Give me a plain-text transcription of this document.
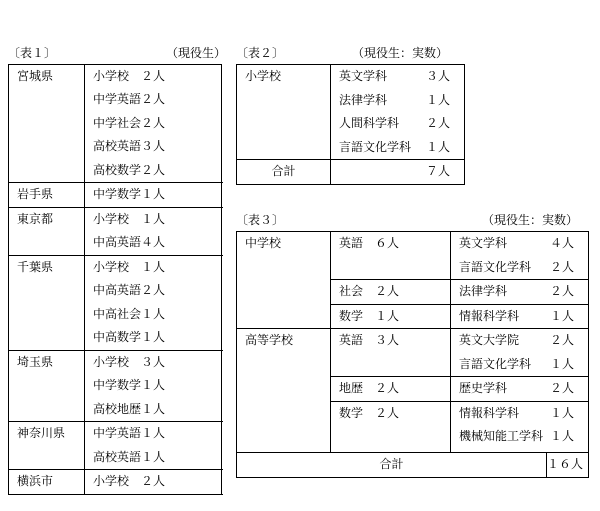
〔表１〕	（現役生）
宮城県	小学校　２人
	中学英語２人
	中学社会２人
	高校英語３人
	高校数学２人
岩手県	中学数学１人
東京都	小学校　１人
	中高英語４人
千葉県	小学校　１人
	中高英語２人
	中高社会１人
	中高数学１人
埼玉県	小学校　３人
	中学数学１人
	高校地歴１人
神奈川県	中学英語１人
	高校英語１人
横浜市	小学校　２人
〔表２〕	（現役生：実数）
小学校	英文学科	３人
	法律学科	１人
	人間科学科	２人
	言語文化学科	１人
合計	７人	
〔表３〕	（現役生：実数）
中学校	英語　６人	英文学科	４人
		言語文化学科	２人
	社会　２人	法律学科	２人
	数学　１人	情報科学科	１人
高等学校	英語　３人	英文大学院	２人
		言語文化学科	１人
	地歴　２人	歴史学科	２人
	数学　２人	情報科学科	１人
		機械知能工学科	１人

合計			１６人
